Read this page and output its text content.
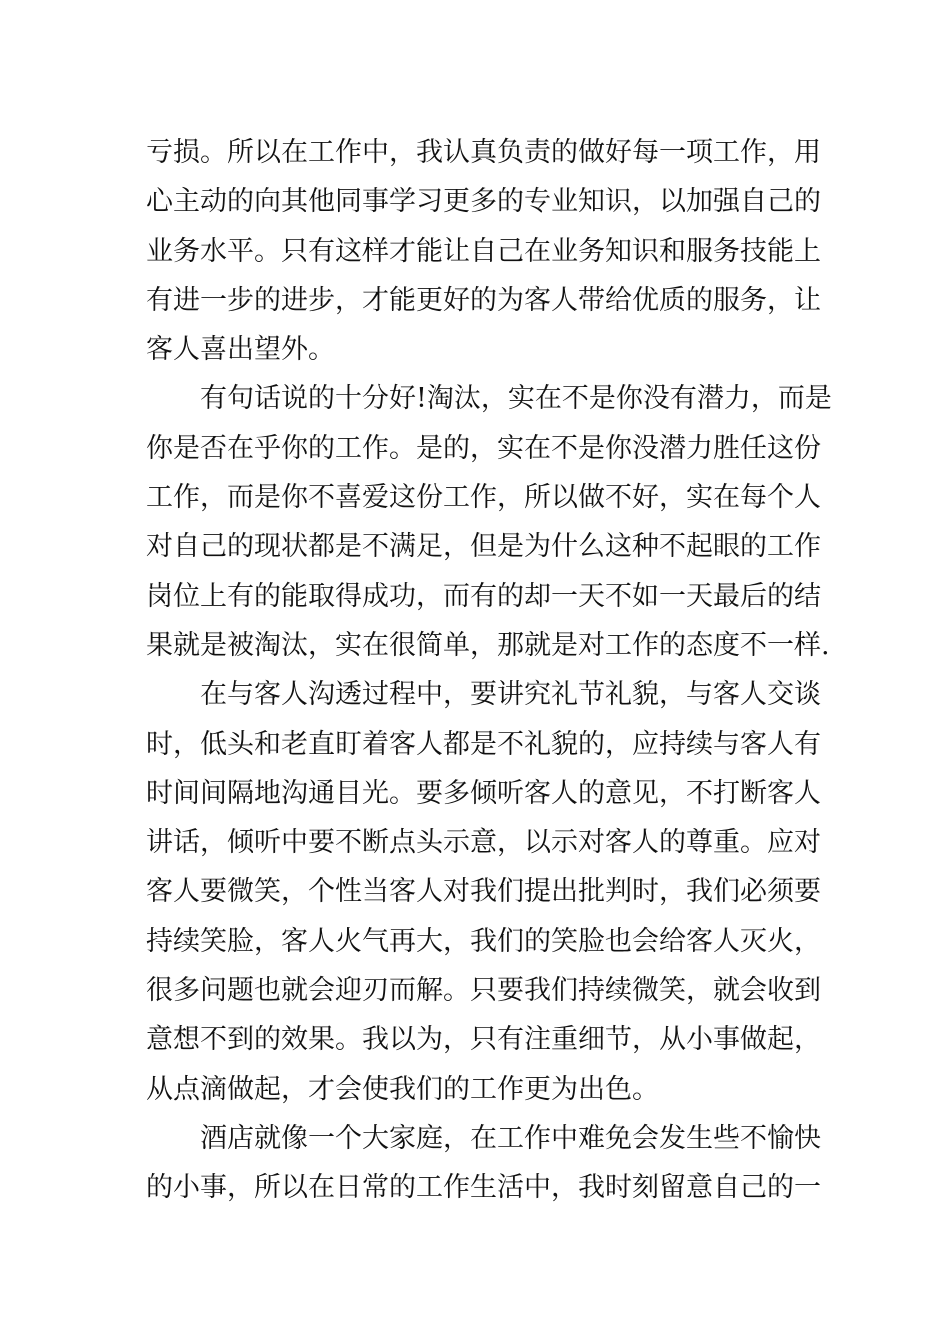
亏损。所以在工作中，我认真负责的做好每一项工作，用
心主动的向其他同事学习更多的专业知识，以加强自己的
业务水平。只有这样才能让自己在业务知识和服务技能上
有进一步的进步，才能更好的为客人带给优质的服务，让
客人喜出望外。
有句话说的十分好!淘汰，实在不是你没有潜力，而是
你是否在乎你的工作。是的，实在不是你没潜力胜任这份
工作，而是你不喜爱这份工作，所以做不好，实在每个人
对自己的现状都是不满足，但是为什么这种不起眼的工作
岗位上有的能取得成功，而有的却一天不如一天最后的结
果就是被淘汰，实在很简单，那就是对工作的态度不一样.
在与客人沟透过程中，要讲究礼节礼貌，与客人交谈
时，低头和老直盯着客人都是不礼貌的，应持续与客人有
时间间隔地沟通目光。要多倾听客人的意见，不打断客人
讲话，倾听中要不断点头示意，以示对客人的尊重。应对
客人要微笑，个性当客人对我们提出批判时，我们必须要
持续笑脸，客人火气再大，我们的笑脸也会给客人灭火，
很多问题也就会迎刃而解。只要我们持续微笑，就会收到
意想不到的效果。我以为，只有注重细节，从小事做起，
从点滴做起，才会使我们的工作更为出色。
酒店就像一个大家庭，在工作中难免会发生些不愉快
的小事，所以在日常的工作生活中，我时刻留意自己的一
